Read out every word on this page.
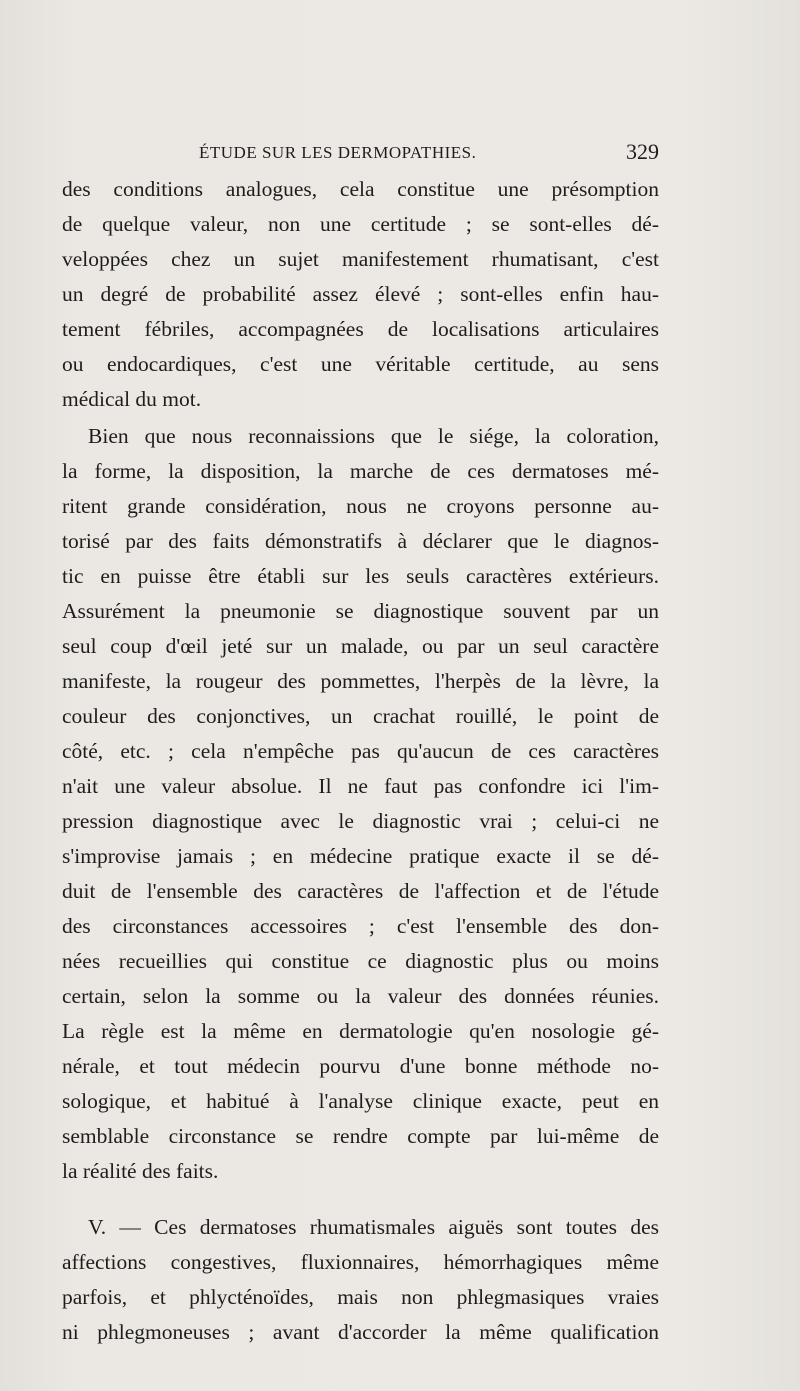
ÉTUDE SUR LES DERMOPATHIES.	329
des conditions analogues, cela constitue une présomption
de quelque valeur, non une certitude ; se sont-elles dé-
veloppées chez un sujet manifestement rhumatisant, c'est
un degré de probabilité assez élevé ; sont-elles enfin hau-
tement fébriles, accompagnées de localisations articulaires
ou endocardiques, c'est une véritable certitude, au sens
médical du mot.
Bien que nous reconnaissions que le siége, la coloration,
la forme, la disposition, la marche de ces dermatoses mé-
ritent grande considération, nous ne croyons personne au-
torisé par des faits démonstratifs à déclarer que le diagnos-
tic en puisse être établi sur les seuls caractères extérieurs.
Assurément la pneumonie se diagnostique souvent par un
seul coup d'œil jeté sur un malade, ou par un seul caractère
manifeste, la rougeur des pommettes, l'herpès de la lèvre, la
couleur des conjonctives, un crachat rouillé, le point de
côté, etc. ; cela n'empêche pas qu'aucun de ces caractères
n'ait une valeur absolue. Il ne faut pas confondre ici l'im-
pression diagnostique avec le diagnostic vrai ; celui-ci ne
s'improvise jamais ; en médecine pratique exacte il se dé-
duit de l'ensemble des caractères de l'affection et de l'étude
des circonstances accessoires ; c'est l'ensemble des don-
nées recueillies qui constitue ce diagnostic plus ou moins
certain, selon la somme ou la valeur des données réunies.
La règle est la même en dermatologie qu'en nosologie gé-
nérale, et tout médecin pourvu d'une bonne méthode no-
sologique, et habitué à l'analyse clinique exacte, peut en
semblable circonstance se rendre compte par lui-même de
la réalité des faits.
V. — Ces dermatoses rhumatismales aiguës sont toutes des
affections congestives, fluxionnaires, hémorrhagiques même
parfois, et phlycténoïdes, mais non phlegmasiques vraies
ni phlegmoneuses ; avant d'accorder la même qualification
